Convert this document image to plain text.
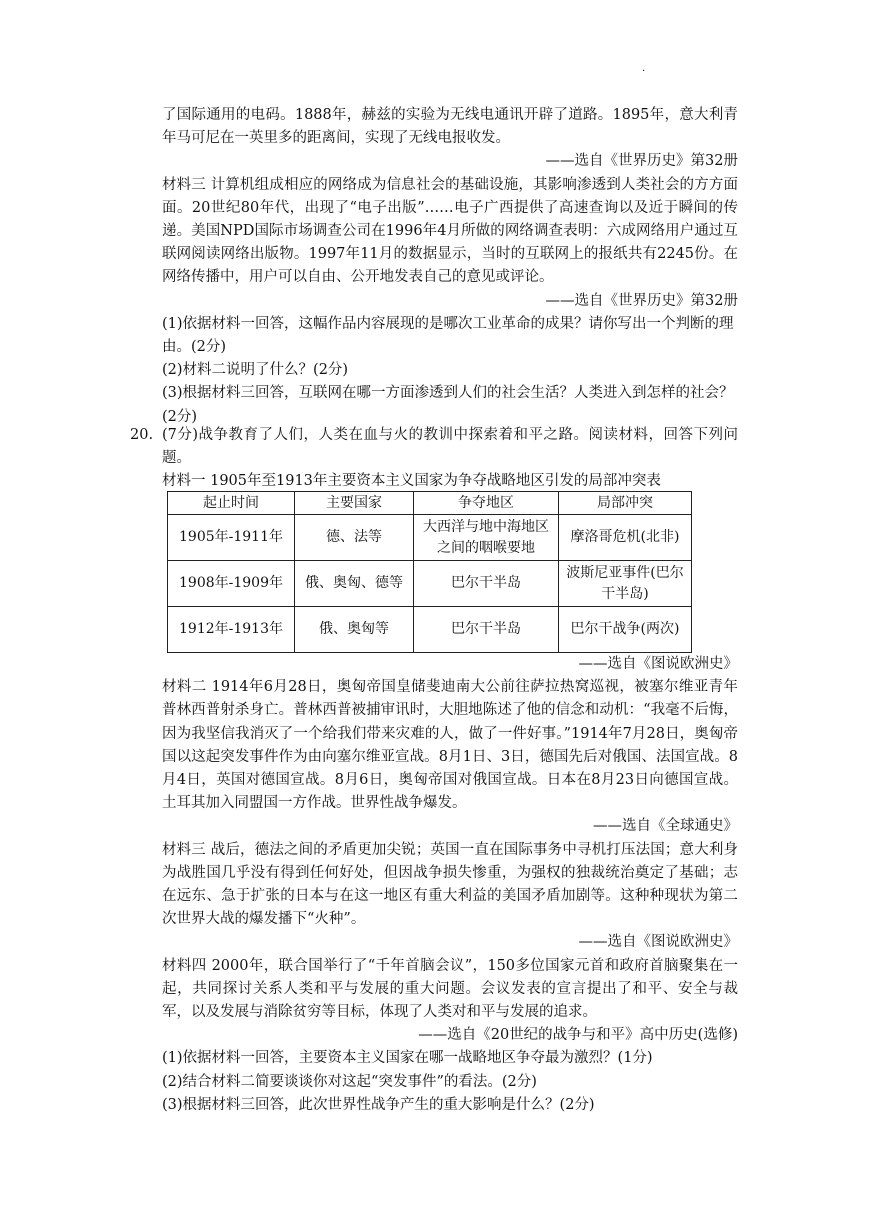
·

了国际通用的电码。1888年，赫兹的实验为无线电通讯开辟了道路。1895年，意大利青年马可尼在一英里多的距离间，实现了无线电报收发。

——选自《世界历史》第32册

材料三 计算机组成相应的网络成为信息社会的基础设施，其影响渗透到人类社会的方方面面。20世纪80年代，出现了“电子出版”……电子广西提供了高速查询以及近于瞬间的传递。美国NPD国际市场调查公司在1996年4月所做的网络调查表明：六成网络用户通过互联网阅读网络出版物。1997年11月的数据显示，当时的互联网上的报纸共有2245份。在网络传播中，用户可以自由、公开地发表自己的意见或评论。

——选自《世界历史》第32册

(1)依据材料一回答，这幅作品内容展现的是哪次工业革命的成果？请你写出一个判断的理由。(2分)

(2)材料二说明了什么？(2分)

(3)根据材料三回答，互联网在哪一方面渗透到人们的社会生活？人类进入到怎样的社会？(2分)

20. (7分)战争教育了人们，人类在血与火的教训中探索着和平之路。阅读材料，回答下列问题。

材料一 1905年至1913年主要资本主义国家为争夺战略地区引发的局部冲突表

起止时间	主要国家	争夺地区	局部冲突
1905年-1911年	德、法等	大西洋与地中海地区之间的咽喉要地	摩洛哥危机(北非)
1908年-1909年	俄、奥匈、德等	巴尔干半岛	波斯尼亚事件(巴尔干半岛)
1912年-1913年	俄、奥匈等	巴尔干半岛	巴尔干战争(两次)

——选自《图说欧洲史》

材料二 1914年6月28日，奥匈帝国皇储斐迪南大公前往萨拉热窝巡视，被塞尔维亚青年普林西普射杀身亡。普林西普被捕审讯时，大胆地陈述了他的信念和动机：“我毫不后悔，因为我坚信我消灭了一个给我们带来灾难的人，做了一件好事。”1914年7月28日，奥匈帝国以这起突发事件作为由向塞尔维亚宣战。8月1日、3日，德国先后对俄国、法国宣战。8月4日，英国对德国宣战。8月6日，奥匈帝国对俄国宣战。日本在8月23日向德国宣战。土耳其加入同盟国一方作战。世界性战争爆发。

——选自《全球通史》

材料三 战后，德法之间的矛盾更加尖锐；英国一直在国际事务中寻机打压法国；意大利身为战胜国几乎没有得到任何好处，但因战争损失惨重，为强权的独裁统治奠定了基础；志在远东、急于扩张的日本与在这一地区有重大利益的美国矛盾加剧等。这种种现状为第二次世界大战的爆发播下“火种”。

——选自《图说欧洲史》

材料四 2000年，联合国举行了“千年首脑会议”，150多位国家元首和政府首脑聚集在一起，共同探讨关系人类和平与发展的重大问题。会议发表的宣言提出了和平、安全与裁军，以及发展与消除贫穷等目标，体现了人类对和平与发展的追求。

——选自《20世纪的战争与和平》高中历史(选修)

(1)依据材料一回答，主要资本主义国家在哪一战略地区争夺最为激烈？(1分)

(2)结合材料二简要谈谈你对这起“突发事件”的看法。(2分)

(3)根据材料三回答，此次世界性战争产生的重大影响是什么？(2分)
